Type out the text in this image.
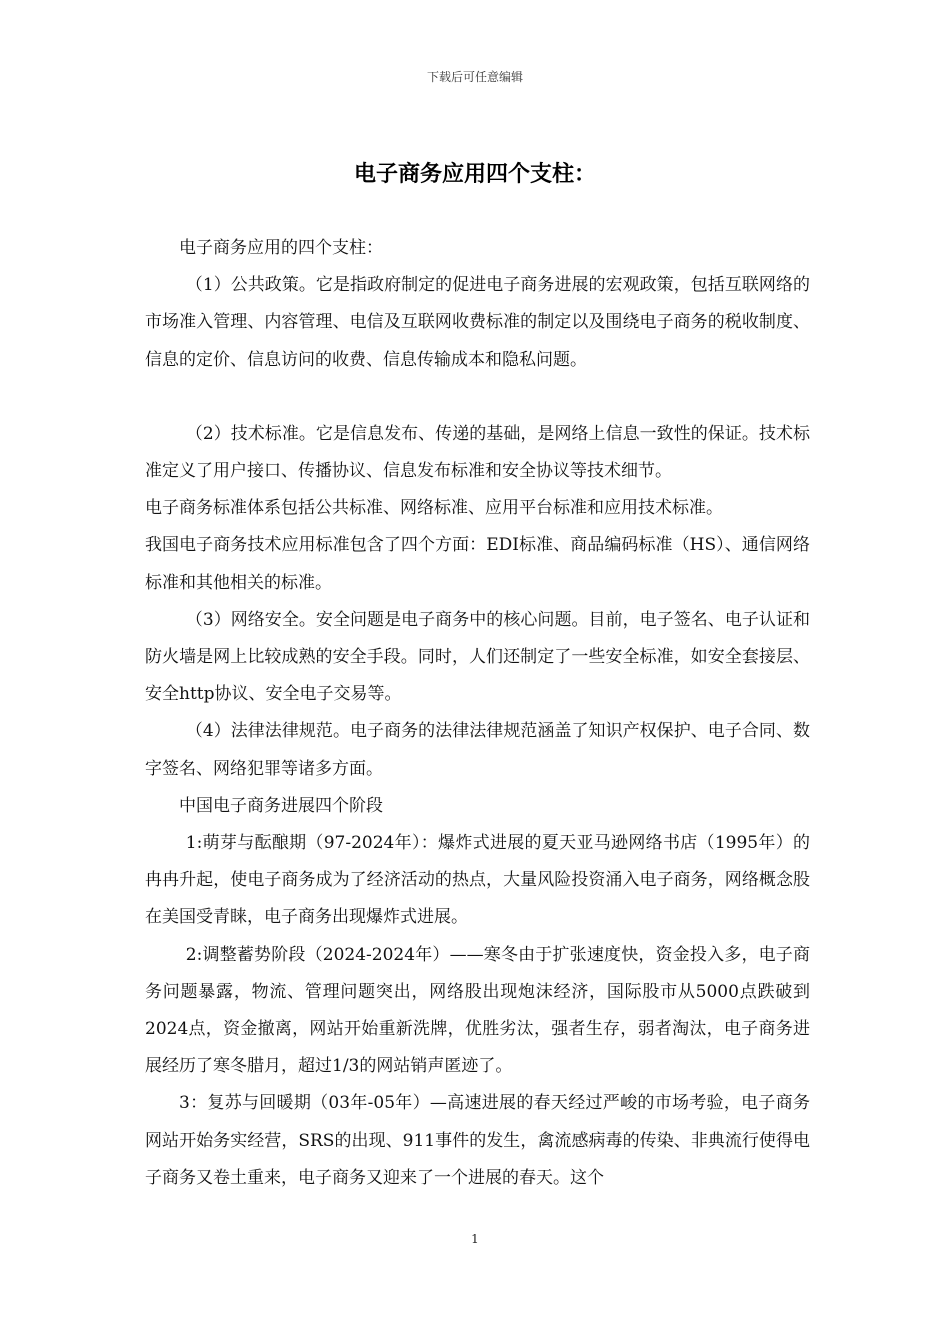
下载后可任意编辑
电子商务应用四个支柱：

电子商务应用的四个支柱：

（1）公共政策。它是指政府制定的促进电子商务进展的宏观政策，包括互联网络的市场准入管理、内容管理、电信及互联网收费标准的制定以及围绕电子商务的税收制度、信息的定价、信息访问的收费、信息传输成本和隐私问题。

（2）技术标准。它是信息发布、传递的基础，是网络上信息一致性的保证。技术标准定义了用户接口、传播协议、信息发布标准和安全协议等技术细节。

电子商务标准体系包括公共标准、网络标准、应用平台标准和应用技术标准。

我国电子商务技术应用标准包含了四个方面：EDI标准、商品编码标准（HS）、通信网络标准和其他相关的标准。

（3）网络安全。安全问题是电子商务中的核心问题。目前，电子签名、电子认证和防火墙是网上比较成熟的安全手段。同时，人们还制定了一些安全标准，如安全套接层、安全http协议、安全电子交易等。

（4）法律法律规范。电子商务的法律法律规范涵盖了知识产权保护、电子合同、数字签名、网络犯罪等诸多方面。

中国电子商务进展四个阶段

1:萌芽与酝酿期（97-2024年）：爆炸式进展的夏天亚马逊网络书店（1995年）的冉冉升起，使电子商务成为了经济活动的热点，大量风险投资涌入电子商务，网络概念股在美国受青睐，电子商务出现爆炸式进展。

2:调整蓄势阶段（2024-2024年）——寒冬由于扩张速度快，资金投入多，电子商务问题暴露，物流、管理问题突出，网络股出现炮沫经济，国际股市从5000点跌破到2024点，资金撤离，网站开始重新洗牌，优胜劣汰，强者生存，弱者淘汰，电子商务进展经历了寒冬腊月，超过1/3的网站销声匿迹了。

3：复苏与回暖期（03年-05年）—高速进展的春天经过严峻的市场考验，电子商务网站开始务实经营，SRS的出现、911事件的发生，禽流感病毒的传染、非典流行使得电子商务又卷土重来，电子商务又迎来了一个进展的春天。这个

1
